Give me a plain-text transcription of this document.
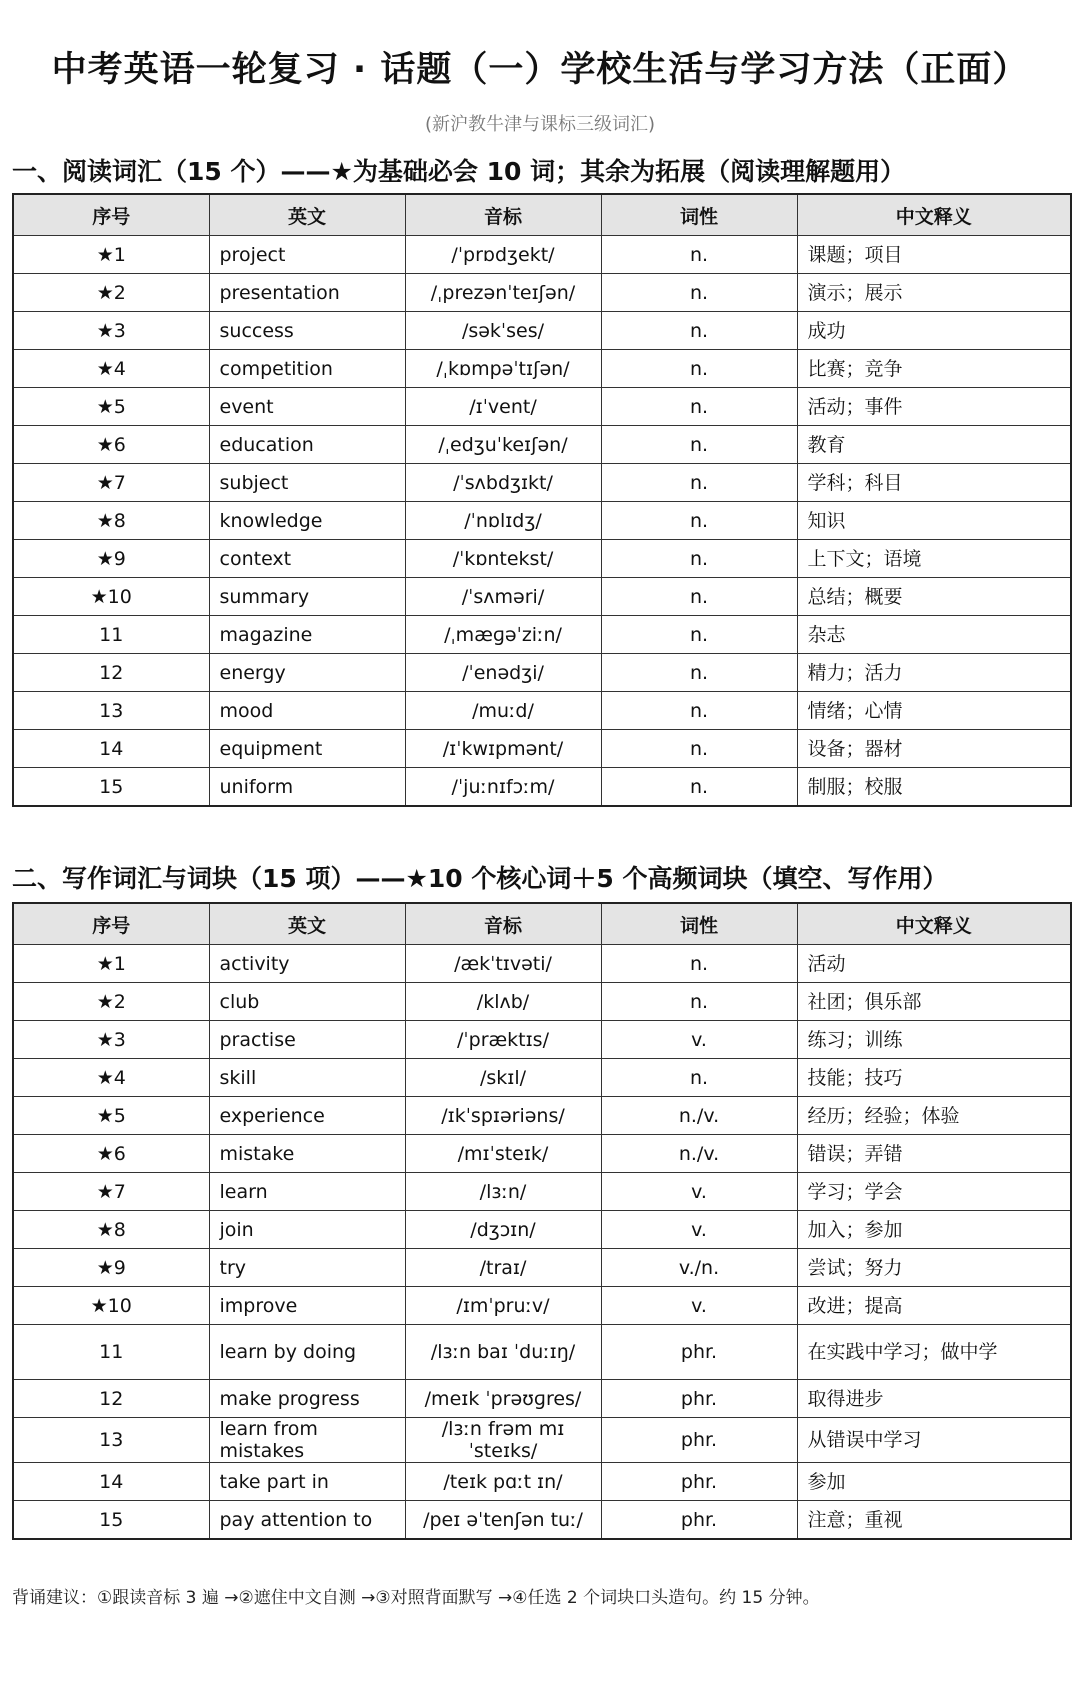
中考英语一轮复习 · 话题（一）学校生活与学习方法（正面）
(新沪教牛津与课标三级词汇)
一、阅读词汇（15 个）——★为基础必会 10 词；其余为拓展（阅读理解题用）
序号	英文	音标	词性	中文释义
★1	project	/ˈprɒdʒekt/	n.	课题；项目
★2	presentation	/ˌprezənˈteɪʃən/	n.	演示；展示
★3	success	/səkˈses/	n.	成功
★4	competition	/ˌkɒmpəˈtɪʃən/	n.	比赛；竞争
★5	event	/ɪˈvent/	n.	活动；事件
★6	education	/ˌedʒuˈkeɪʃən/	n.	教育
★7	subject	/ˈsʌbdʒɪkt/	n.	学科；科目
★8	knowledge	/ˈnɒlɪdʒ/	n.	知识
★9	context	/ˈkɒntekst/	n.	上下文；语境
★10	summary	/ˈsʌməri/	n.	总结；概要
11	magazine	/ˌmæɡəˈziːn/	n.	杂志
12	energy	/ˈenədʒi/	n.	精力；活力
13	mood	/muːd/	n.	情绪；心情
14	equipment	/ɪˈkwɪpmənt/	n.	设备；器材
15	uniform	/ˈjuːnɪfɔːm/	n.	制服；校服
二、写作词汇与词块（15 项）——★10 个核心词＋5 个高频词块（填空、写作用）
序号	英文	音标	词性	中文释义
★1	activity	/ækˈtɪvəti/	n.	活动
★2	club	/klʌb/	n.	社团；俱乐部
★3	practise	/ˈpræktɪs/	v.	练习；训练
★4	skill	/skɪl/	n.	技能；技巧
★5	experience	/ɪkˈspɪəriəns/	n./v.	经历；经验；体验
★6	mistake	/mɪˈsteɪk/	n./v.	错误；弄错
★7	learn	/lɜːn/	v.	学习；学会
★8	join	/dʒɔɪn/	v.	加入；参加
★9	try	/traɪ/	v./n.	尝试；努力
★10	improve	/ɪmˈpruːv/	v.	改进；提高
11	learn by doing	/lɜːn baɪ ˈduːɪŋ/	phr.	在实践中学习；做中学
12	make progress	/meɪk ˈprəʊɡres/	phr.	取得进步
13	learn from mistakes	/lɜːn frəm mɪˈsteɪks/	phr.	从错误中学习
14	take part in	/teɪk pɑːt ɪn/	phr.	参加
15	pay attention to	/peɪ əˈtenʃən tuː/	phr.	注意；重视
背诵建议：①跟读音标 3 遍 →②遮住中文自测 →③对照背面默写 →④任选 2 个词块口头造句。约 15 分钟。
